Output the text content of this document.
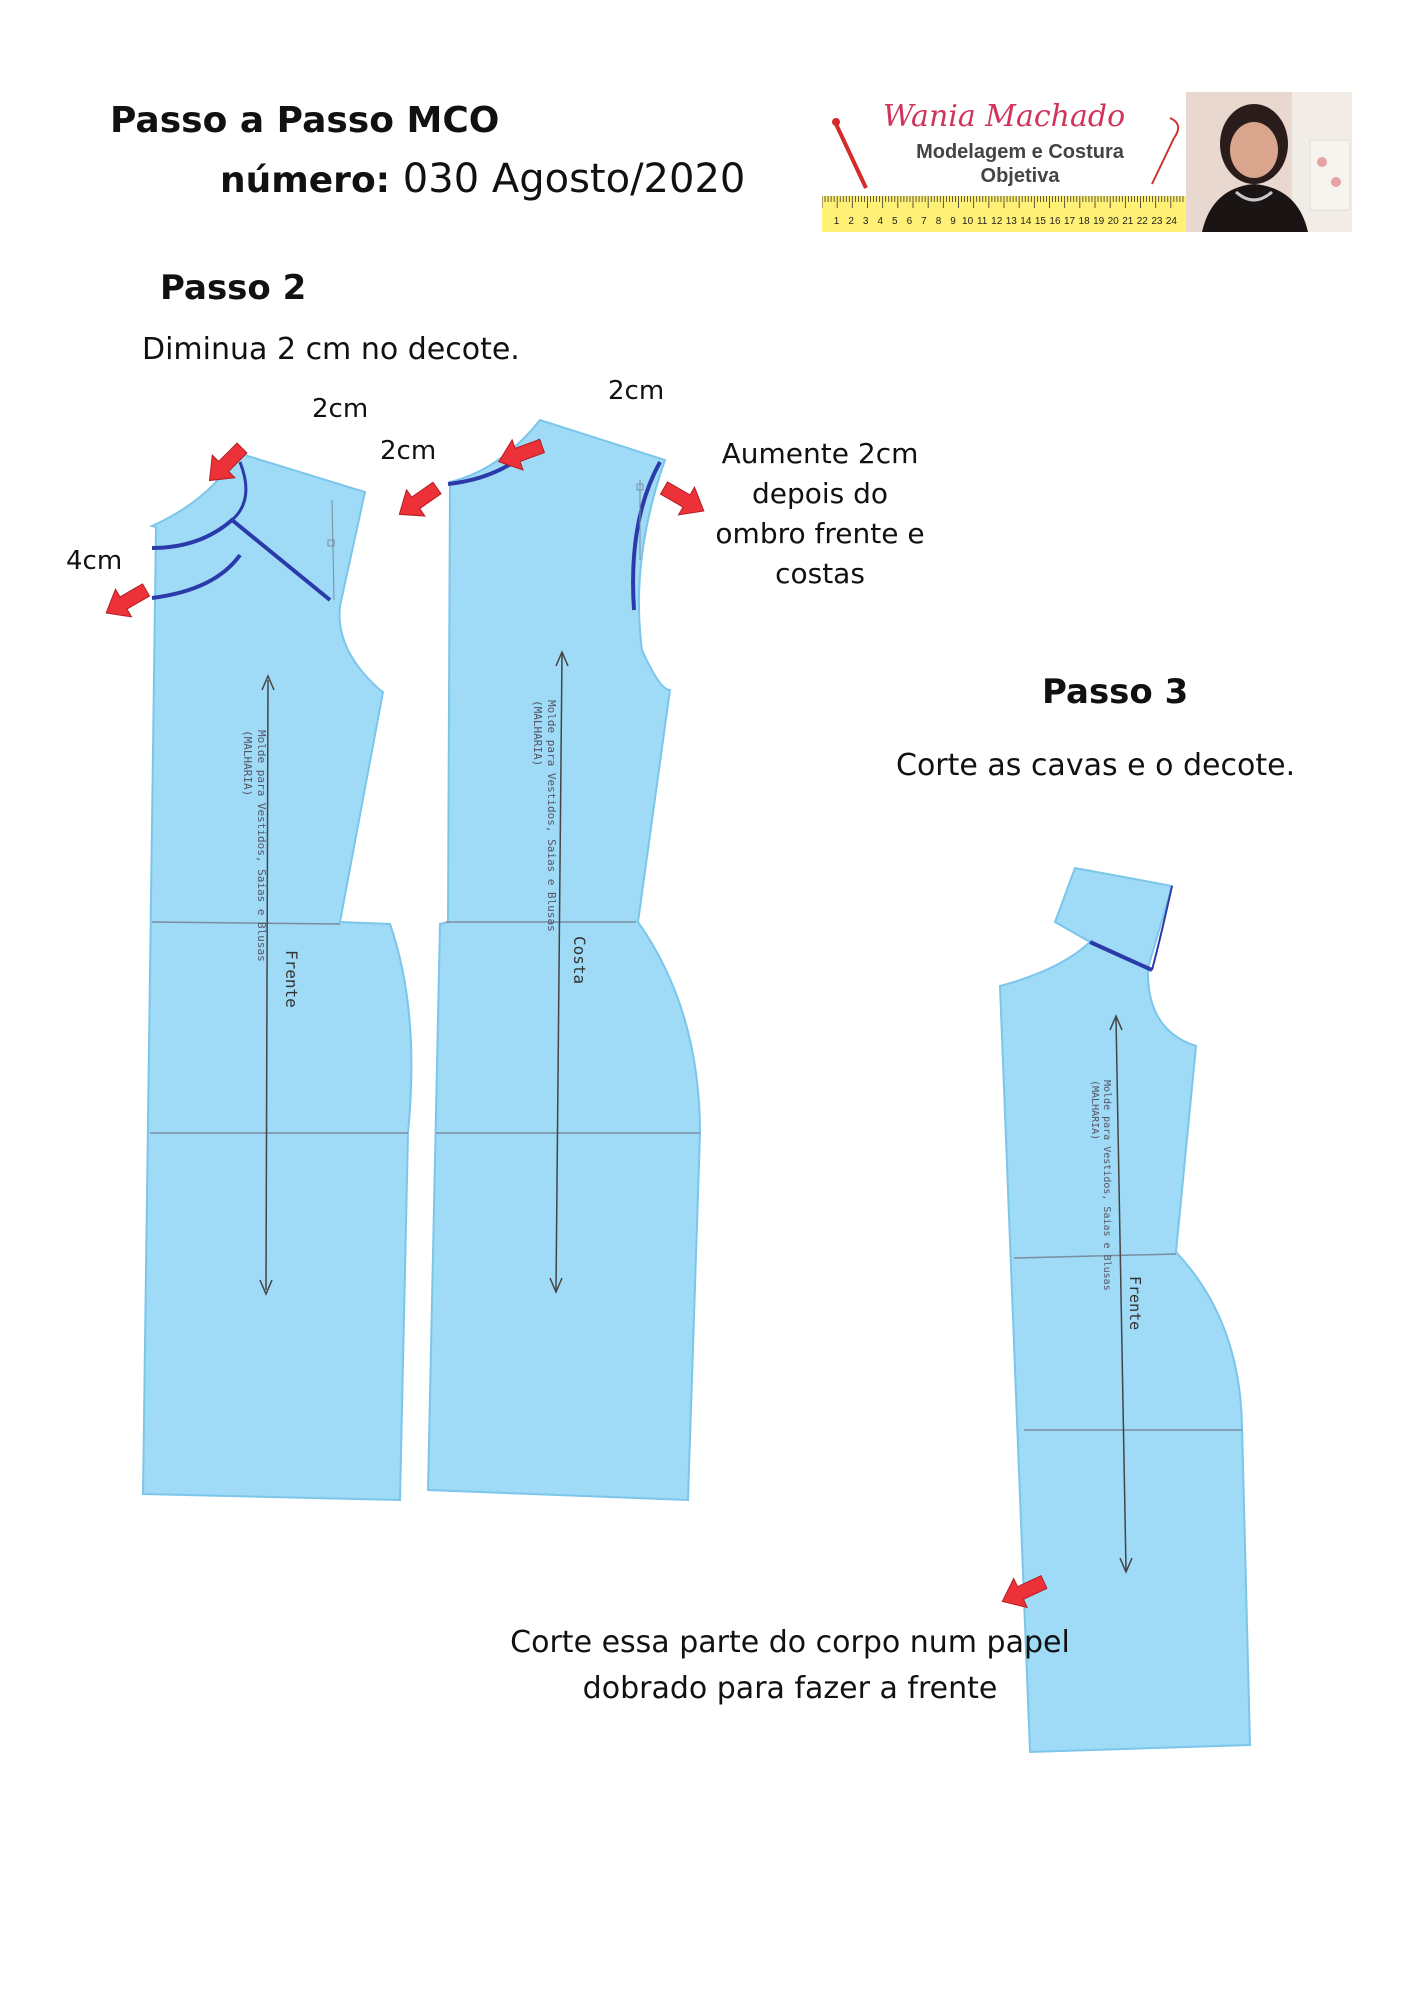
Passo a Passo MCO
número: 030 Agosto/2020
Wania Machado
Modelagem e Costura
Objetiva
1 2 3 4 5 6 7 8 9 10 11 12 13 14 15 16 17 18 19 20 21 22 23 24
Passo 2
Diminua 2 cm no decote.
Frente
Molde para Vestidos, Saias e Blusas
(MALHARIA)
Costa
Molde para Vestidos, Saias e Blusas
(MALHARIA)
Frente
Molde para Vestidos, Saias e Blusas
(MALHARIA)
2cm
2cm
2cm
4cm
Aumente 2cm
depois do
ombro frente e
costas
Passo 3
Corte as cavas e o decote.
Corte essa parte do corpo num papel
dobrado para fazer a frente
